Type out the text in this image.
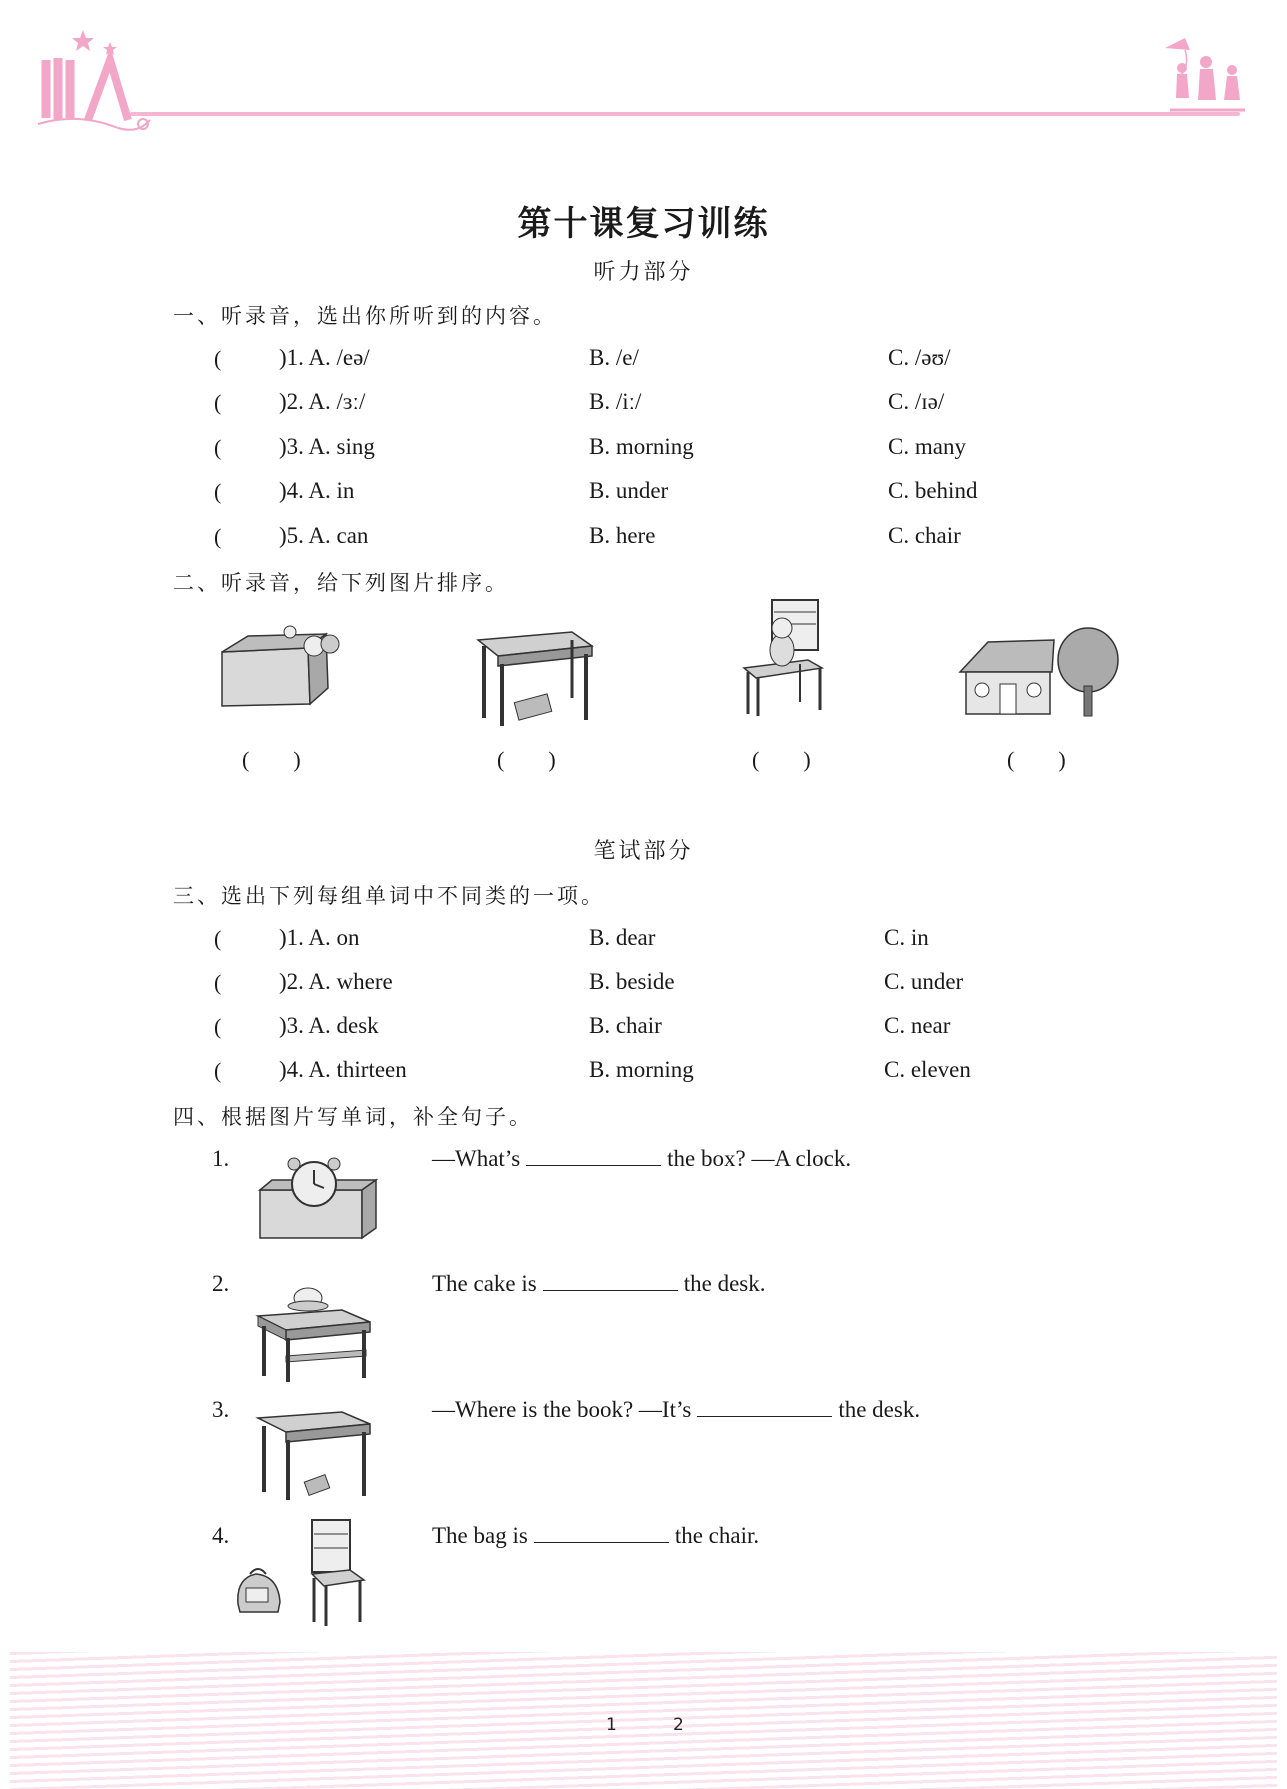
第十课复习训练
听力部分
一、听录音，选出你所听到的内容。
(	)1. A. /eə/	B. /e/	C. /əʊ/
(	)2. A. /ɜː/	B. /iː/	C. /ɪə/
(	)3. A. sing	B. morning	C. many
(	)4. A. in	B. under	C. behind
(	)5. A. can	B. here	C. chair
二、听录音，给下列图片排序。
(　　)	(　　)	(　　)	(　　)
笔试部分
三、选出下列每组单词中不同类的一项。
(	)1. A. on	B. dear	C. in
(	)2. A. where	B. beside	C. under
(	)3. A. desk	B. chair	C. near
(	)4. A. thirteen	B. morning	C. eleven
四、根据图片写单词，补全句子。
1.	—What’s	the box? —A clock.
2.	The cake is	the desk.
3.	—Where is the book? —It’s	the desk.
4.	The bag is	the chair.
1	2
